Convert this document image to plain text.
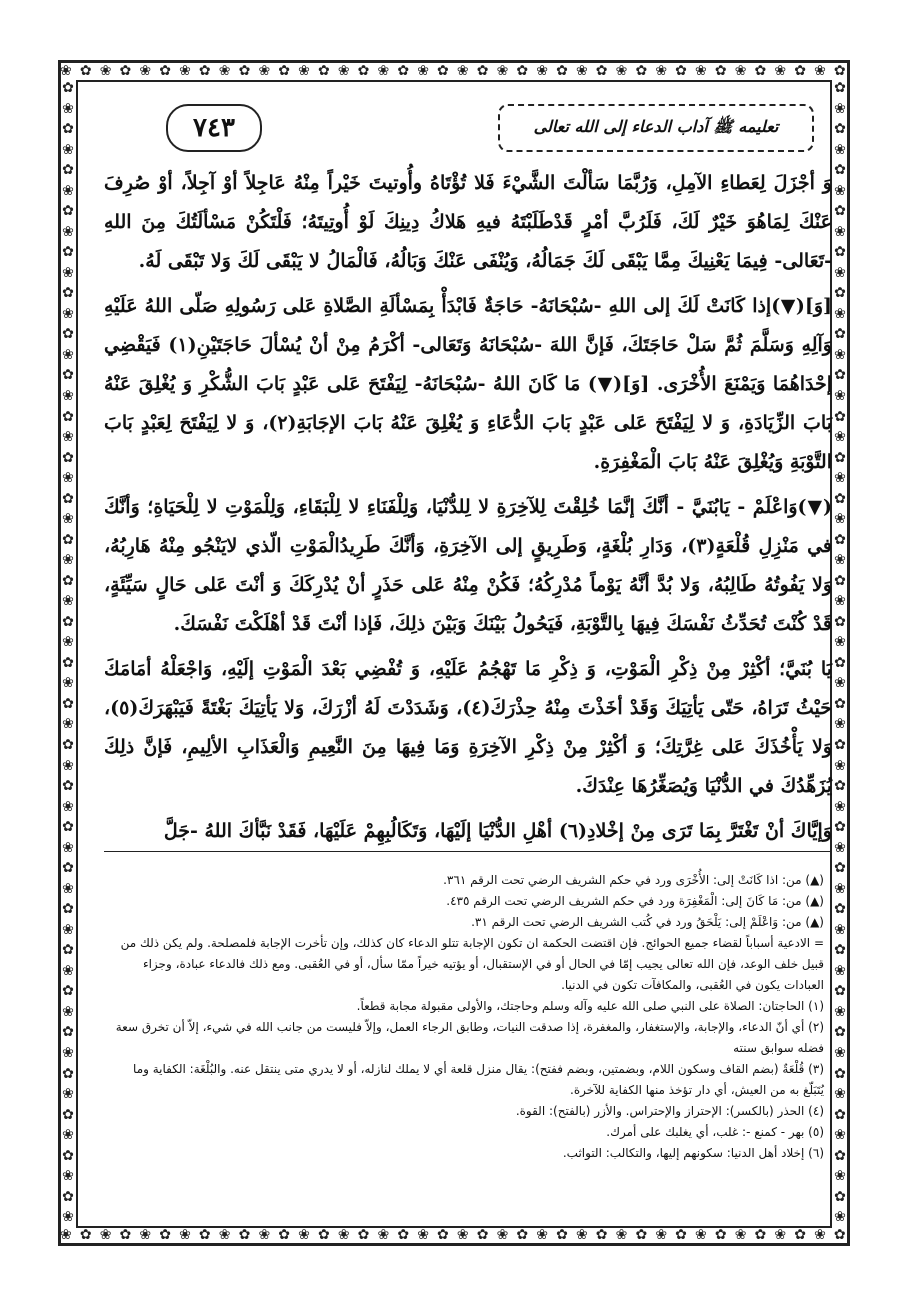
❀ ✿ ❀ ✿ ❀ ✿ ❀ ✿ ❀ ✿ ❀ ✿ ❀ ✿ ❀ ✿ ❀ ✿ ❀ ✿ ❀ ✿ ❀ ✿ ❀ ✿ ❀ ✿ ❀ ✿ ❀ ✿ ❀ ✿ ❀ ✿ ❀ ✿ ❀ ✿
❀ ✿ ❀ ✿ ❀ ✿ ❀ ✿ ❀ ✿ ❀ ✿ ❀ ✿ ❀ ✿ ❀ ✿ ❀ ✿ ❀ ✿ ❀ ✿ ❀ ✿ ❀ ✿ ❀ ✿ ❀ ✿ ❀ ✿ ❀ ✿ ❀ ✿ ❀ ✿
✿
❀
✿
❀
✿
❀
✿
❀
✿
❀
✿
❀
✿
❀
✿
❀
✿
❀
✿
❀
✿
❀
✿
❀
✿
❀
✿
❀
✿
❀
✿
❀
✿
❀
✿
❀
✿
❀
✿
❀
✿
❀
✿
❀
✿
❀
✿
❀
✿
❀
✿
❀
✿
❀
✿
❀
✿
❀
✿
❀
✿
❀
✿
❀
✿
❀
✿
❀
✿
❀
✿
❀
✿
❀
✿
❀
✿
❀
✿
❀
✿
❀
✿
❀
✿
❀
✿
❀
✿
❀
✿
❀
✿
❀
✿
❀
✿
❀
✿
❀
✿
❀
✿
❀
✿
❀
✿
❀
✿
❀
✿
❀
٧٤٣	تعليمه ﷺ آداب الدعاء إلى الله تعالى

وَ أجْزَلَ لِعَطاءِ الآمِلِ، وَرُبَّمَا سَألْتَ الشَّيْءَ فَلا تُؤْتَاهُ وأُوتيتَ خَيْراً مِنْهُ عَاجِلاً أوْ آجِلاً، أوْ صُرِفَ عَنْكَ لِمَاهُوَ خَيْرٌ لَكَ، فَلَرُبَّ أمْرٍ قَدْطَلَبْتَهُ فيهِ هَلاكُ دِينِكَ لَوْ أُوتِيتَهُ؛ فَلْتَكُنْ مَسْألَتُكَ مِنَ اللهِ -تَعَالى- فِيمَا يَعْنِيكَ مِمَّا يَبْقَى لَكَ جَمَالُهُ، وَيُنْفَى عَنْكَ وَبَالُهُ، فَالْمَالُ لا يَبْقَى لَكَ وَلا تَبْقَى لَهُ.

[وَ](▼)إذا كَانَتْ لَكَ إلى اللهِ -سُبْحَانَهُ- حَاجَةٌ فَابْدَأْ بِمَسْألَةِ الصَّلاةِ عَلى رَسُولِهِ صَلّى اللهُ عَلَيْهِ وَآلِهِ وَسَلَّمَ ثُمَّ سَلْ حَاجَتَكَ، فَإنَّ اللهَ -سُبْحَانَهُ وَتَعَالى- أكْرَمُ مِنْ أنْ يُسْألَ حَاجَتَيْنِ(١) فَيَقْضِي إحْدَاهُمَا وَيَمْنَعَ الأُخْرَى. [وَ](▼) مَا كَانَ اللهُ -سُبْحَانَهُ- لِيَفْتَحَ عَلى عَبْدٍ بَابَ الشُّكْرِ وَ يُغْلِقَ عَنْهُ بَابَ الزِّيَادَةِ، وَ لا لِيَفْتَحَ عَلى عَبْدٍ بَابَ الدُّعَاءِ وَ يُغْلِقَ عَنْهُ بَابَ الإجَابَةِ(٢)، وَ لا لِيَفْتَحَ لِعَبْدٍ بَابَ التَّوْبَةِ وَيُغْلِقَ عَنْهُ بَابَ الْمَغْفِرَةِ.

(▼)وَاعْلَمْ - يَابُنَيَّ - أنَّكَ إنَّمَا خُلِقْتَ لِلآخِرَةِ لا لِلدُّنْيَا، وَلِلْفَنَاءِ لا لِلْبَقَاءِ، وَلِلْمَوْتِ لا لِلْحَيَاةِ؛ وَأنَّكَ في مَنْزِلِ قُلْعَةٍ(٣)، وَدَارِ بُلْغَةٍ، وَطَرِيقٍ إلى الآخِرَةِ، وَأنَّكَ طَرِيدُالْمَوْتِ الّذي لايَنْجُو مِنْهُ هَارِبُهُ، وَلا يَفُوتُهُ طَالِبُهُ، وَلا بُدَّ أنَّهُ يَوْماً مُدْرِكُهُ؛ فَكُنْ مِنْهُ عَلى حَذَرٍ أنْ يُدْرِكَكَ وَ أنْتَ عَلى حَالٍ سَيِّئَةٍ، قَدْ كُنْتَ تُحَدِّثُ نَفْسَكَ فِيهَا بِالتَّوْبَةِ، فَيَحُولُ بَيْنَكَ وَبَيْنَ ذلِكَ، فَإذا أنْتَ قَدْ أهْلَكْتَ نَفْسَكَ.

يَا بُنَيَّ؛ أكْثِرْ مِنْ ذِكْرِ الْمَوْتِ، وَ ذِكْرِ مَا تَهْجُمُ عَلَيْهِ، وَ تُفْضِي بَعْدَ الْمَوْتِ إلَيْهِ، وَاجْعَلْهُ أمَامَكَ حَيْثُ تَرَاهُ، حَتّى يَأتِيَكَ وَقَدْ أخَذْتَ مِنْهُ حِذْرَكَ(٤)، وَشَدَدْتَ لَهُ أزْرَكَ، وَلا يَأتِيَكَ بَغْتَةً فَيَبْهَرَكَ(٥)، وَلا يَأْخُذَكَ عَلى غِرَّتِكَ؛ وَ أكْثِرْ مِنْ ذِكْرِ الآخِرَةِ وَمَا فِيهَا مِنَ النَّعِيمِ وَالْعَذَابِ الألِيمِ، فَإنَّ ذلِكَ يُزَهِّدُكَ في الدُّنْيَا وَيُصَغِّرُهَا عِنْدَكَ.

وَإيَّاكَ أنْ تَغْتَرَّ بِمَا تَرَى مِنْ إخْلادِ(٦) أهْلِ الدُّنْيَا إلَيْهَا، وَتَكَالُبِهِمْ عَلَيْهَا، فَقَدْ نَبَّأكَ اللهُ -جَلَّ

(▲) من: اذا كَانَتْ إلى: الأُخْرَى ورد في حكم الشريف الرضي تحت الرقم ٣٦١.

(▲) من: مَا كَانَ إلى: الْمَغْفِرَة ورد في حكم الشريف الرضي تحت الرقم ٤٣٥.

(▲) من: وَاعْلَمْ إلى: يَلْحَقُ ورد في كُتب الشريف الرضي تحت الرقم ٣١.

= الادعية أسباباً لقضاء جميع الحوائج. فإن اقتضت الحكمة ان تكون الإجابة تتلو الدعاء كان كذلك، وإن تأخرت الإجابة فلمصلحة. ولم يكن ذلك من قبيل خلف الوعد، فإن الله تعالى يجيب إمّا في الحال أو في الإستقبال، أو يؤتيه خيراً ممّا سأل، أو في العُقبى. ومع ذلك فالدعاء عبادة، وجزاء العبادات يكون في العُقبى، والمكافآت تكون في الدنيا.

(١) الحاجتان: الصلاة على النبي صلى الله عليه وآله وسلم وحاجتك، والأولى مقبولة مجابة قطعاً.

(٢) أي أنّ الدعاء، والإجابة، والإستغفار، والمغفرة، إذا صدقت النيات، وطابق الرجاء العمل، وإلاّ فليست من جانب الله في شيء، إلاّ أن تخرق سعة فضله سوابق سنته

(٣) قُلْعَةٌ (بضم القاف وسكون اللام، وبضمتين، وبضم ففتح): يقال منزل قلعة أي لا يملك لنازله، أو لا يدري متى ينتقل عنه. والبُلْغَة: الكفاية وما يُتَبَلّغ به من العيش، أي دار تؤخذ منها الكفاية للآخرة.

(٤) الحذر (بالكسر): الإحتراز والإحتراس. والأزر (بالفتح): القوة.

(٥) بهر - كمنع -: غلب، أي يغلبك على أمرك.

(٦) إخلاد أهل الدنيا: سكونهم إليها، والتكالب: التواثب.
